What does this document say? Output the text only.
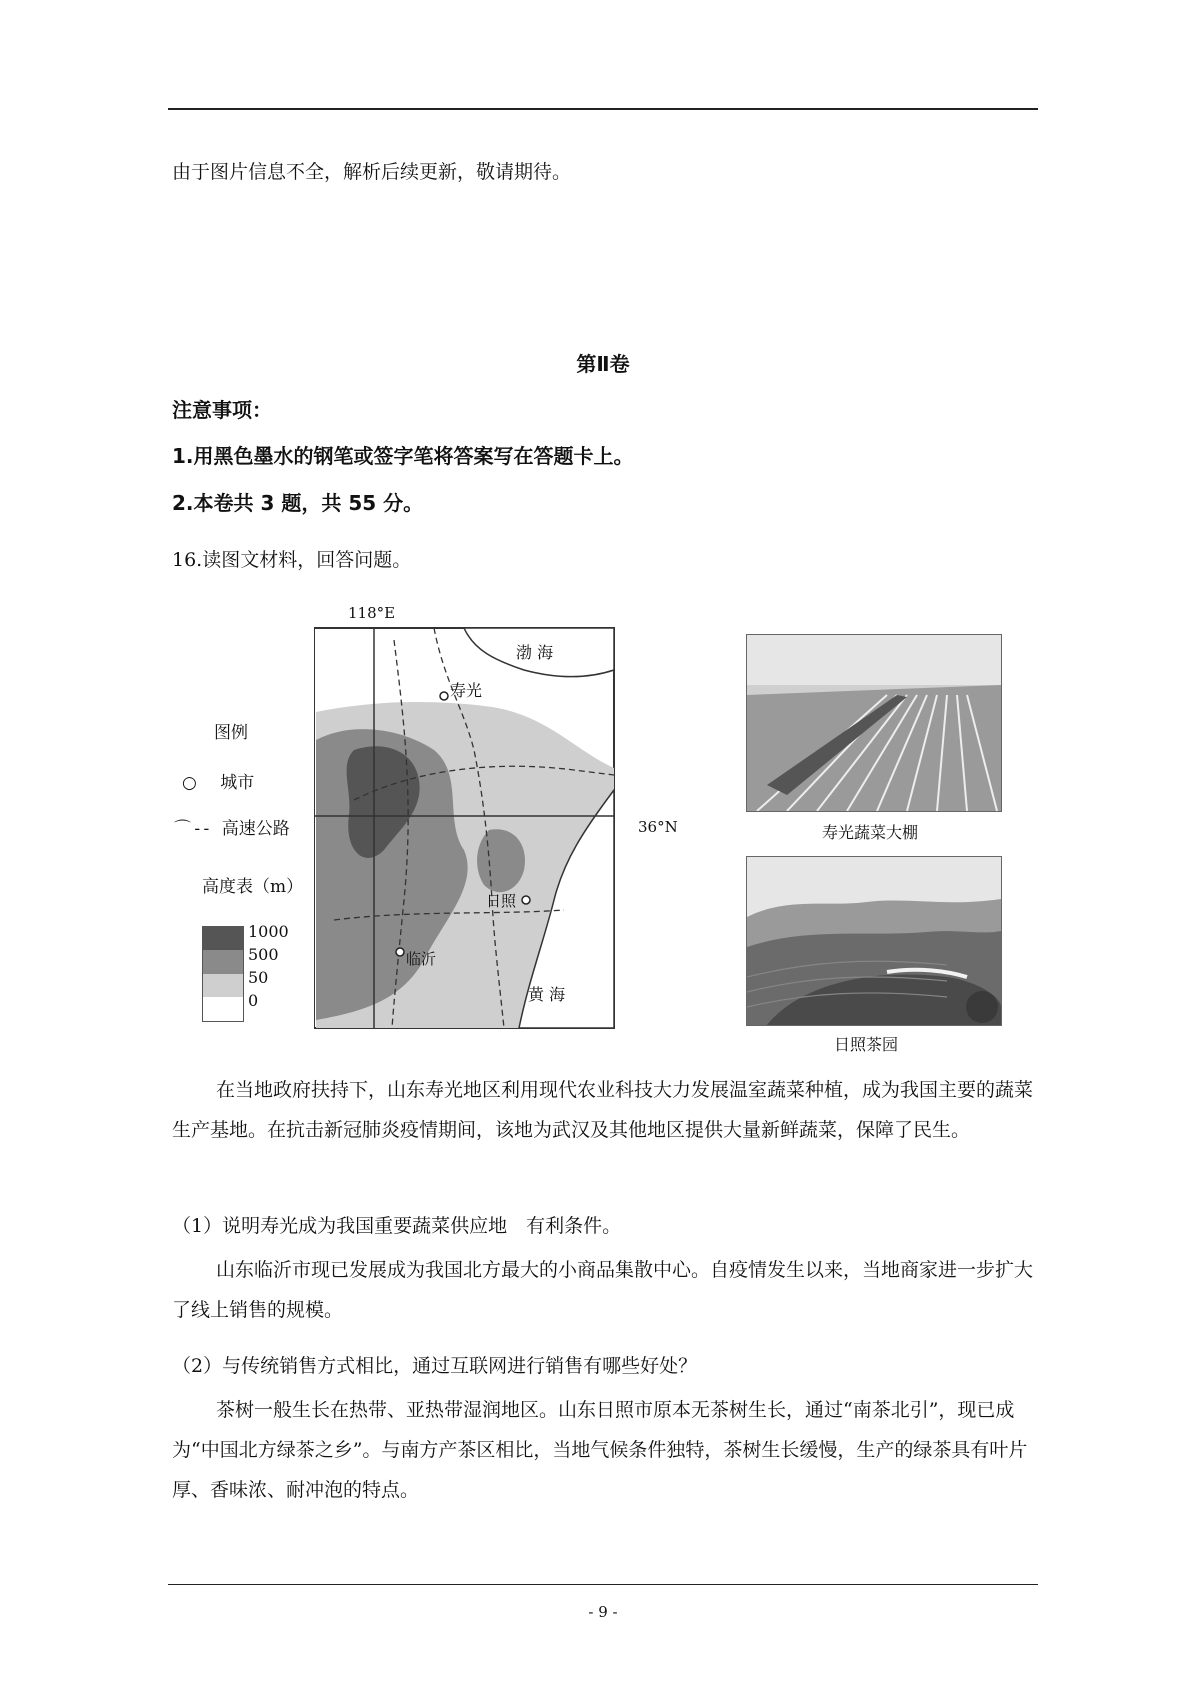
由于图片信息不全，解析后续更新，敬请期待。
第Ⅱ卷
注意事项：
1.用黑色墨水的钢笔或签字笔将答案写在答题卡上。
2.本卷共 3 题，共 55 分。
16.读图文材料，回答问题。
图例
○ 城市
⌒ - - 高速公路
高度表（m）
1000
500
50
0
118°E
36°N
渤 海
黄 海
寿光
日照
临沂
寿光蔬菜大棚
日照茶园
在当地政府扶持下，山东寿光地区利用现代农业科技大力发展温室蔬菜种植，成为我国主要的蔬菜生产基地。在抗击新冠肺炎疫情期间，该地为武汉及其他地区提供大量新鲜蔬菜，保障了民生。
（1）说明寿光成为我国重要蔬菜供应地　有利条件。
山东临沂市现已发展成为我国北方最大的小商品集散中心。自疫情发生以来，当地商家进一步扩大了线上销售的规模。
（2）与传统销售方式相比，通过互联网进行销售有哪些好处？
茶树一般生长在热带、亚热带湿润地区。山东日照市原本无茶树生长，通过“南茶北引”，现已成为“中国北方绿茶之乡”。与南方产茶区相比，当地气候条件独特，茶树生长缓慢，生产的绿茶具有叶片厚、香味浓、耐冲泡的特点。
- 9 -
